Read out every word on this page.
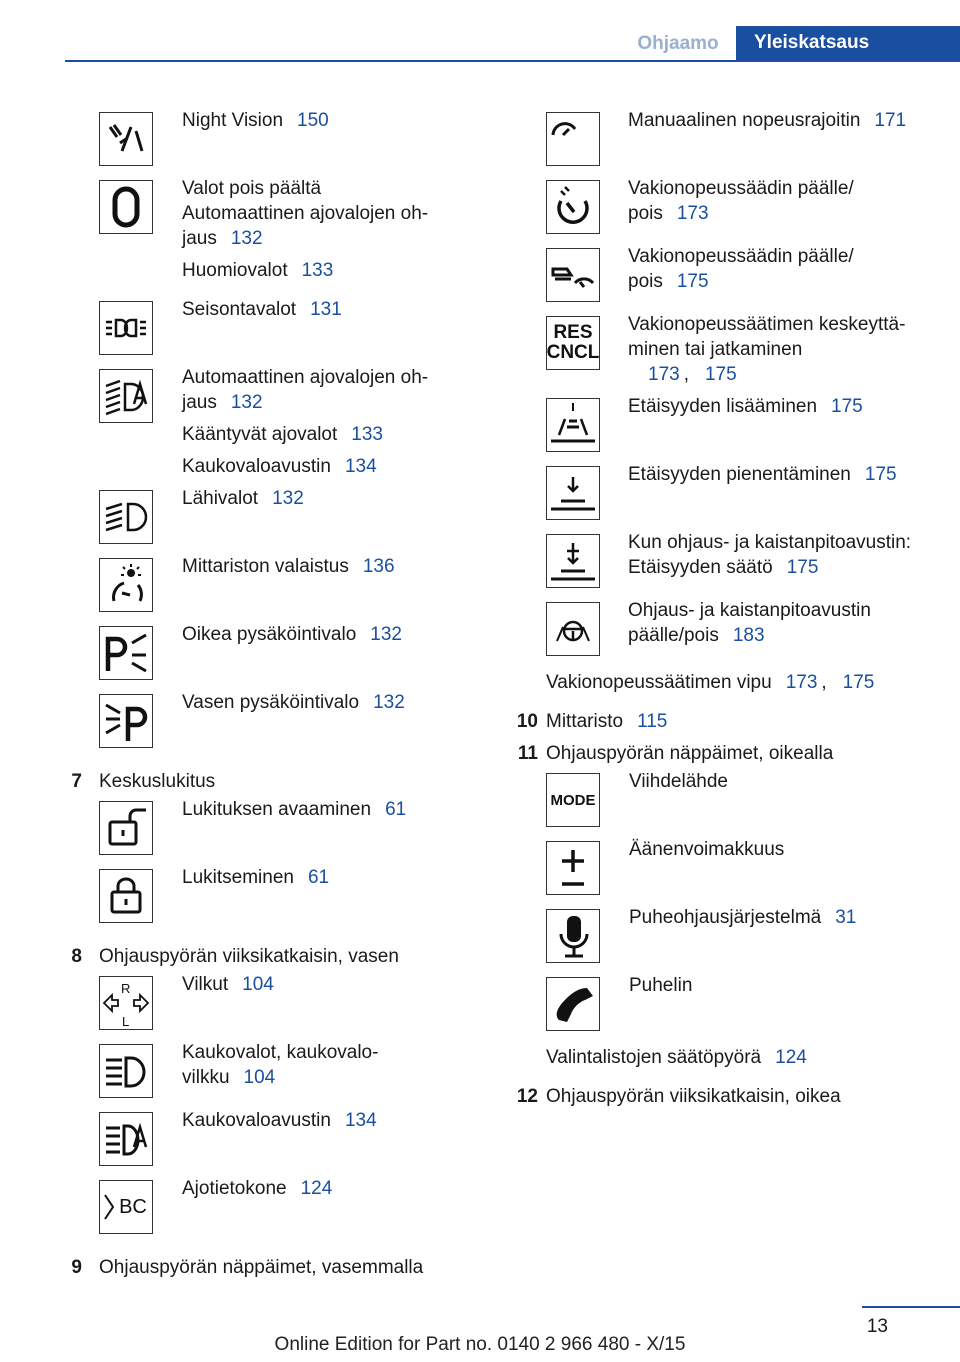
Ohjaamo	Yleiskatsaus
Night Vision 150
Valot pois päältä
Automaattinen ajovalojen oh-
jaus 132
Huomiovalot 133
Seisontavalot 131
Automaattinen ajovalojen oh-
jaus 132
Kääntyvät ajovalot 133
Kaukovaloavustin 134
Lähivalot 132
Mittariston valaistus 136
Oikea pysäköintivalo 132
Vasen pysäköintivalo 132
7 Keskuslukitus
Lukituksen avaaminen 61
Lukitseminen 61
8 Ohjauspyörän viiksikatkaisin, vasen
R
L
Vilkut 104
Kaukovalot, kaukovalo-
vilkku 104
Kaukovaloavustin 134
BC
Ajotietokone 124
9 Ohjauspyörän näppäimet, vasemmalla
Manuaalinen nopeusrajoitin 171
Vakionopeussäädin päälle/
pois 173
Vakionopeussäädin päälle/
pois 175
RES
CNCL
Vakionopeussäätimen keskeyttä-
minen tai jatkaminen
173 , 175
Etäisyyden lisääminen 175
Etäisyyden pienentäminen 175
Kun ohjaus- ja kaistanpitoavustin:
Etäisyyden säätö 175
Ohjaus- ja kaistanpitoavustin
päälle/pois 183
Vakionopeussäätimen vipu 173 , 175
10 Mittaristo 115
11 Ohjauspyörän näppäimet, oikealla
MODE
Viihdelähde
Äänenvoimakkuus
Puheohjausjärjestelmä 31
Puhelin
Valintalistojen säätöpyörä 124
12 Ohjauspyörän viiksikatkaisin, oikea
13
Online Edition for Part no. 0140 2 966 480 - X/15
